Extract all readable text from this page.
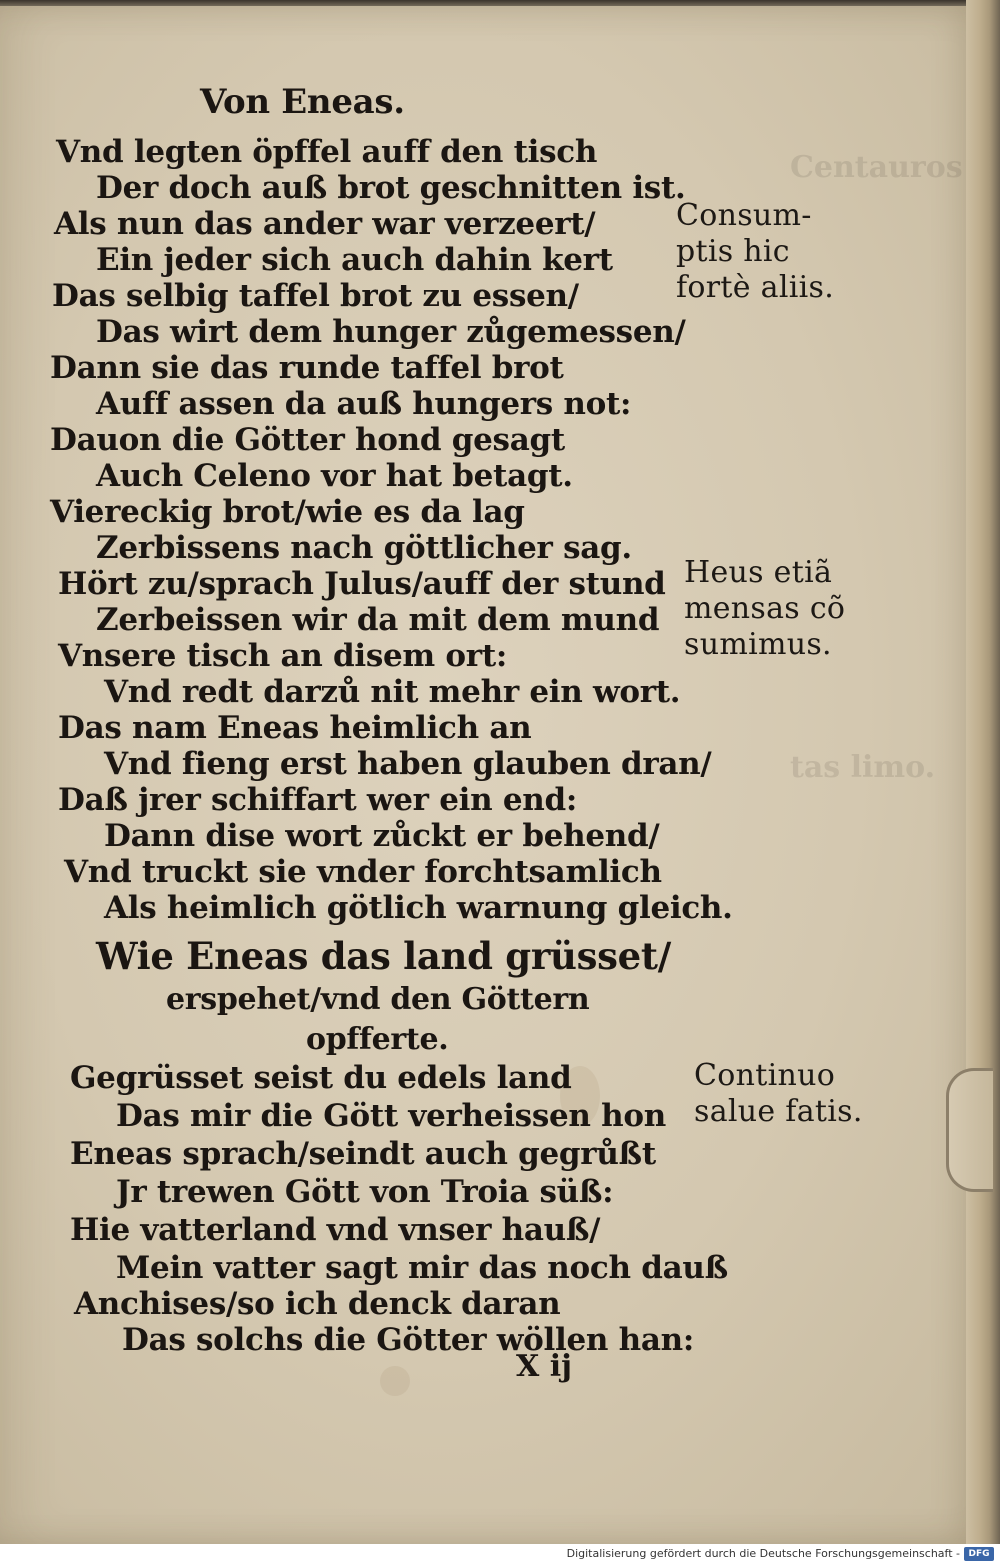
Centauros
tas limo.
Von Eneas.
Vnd legten öpffel auff den tisch
Der doch auß brot geschnitten ist.
Als nun das ander war verzeert/
Ein jeder sich auch dahin kert
Das selbig taffel brot zu essen/
Das wirt dem hunger zůgemessen/
Dann sie das runde taffel brot
Auff assen da auß hungers not:
Dauon die Götter hond gesagt
Auch Celeno vor hat betagt.
Viereckig brot/wie es da lag
Zerbissens nach göttlicher sag.
Hört zu/sprach Julus/auff der stund
Zerbeissen wir da mit dem mund
Vnsere tisch an disem ort:
Vnd redt darzů nit mehr ein wort.
Das nam Eneas heimlich an
Vnd fieng erst haben glauben dran/
Daß jrer schiffart wer ein end:
Dann dise wort zůckt er behend/
Vnd truckt sie vnder forchtsamlich
Als heimlich götlich warnung gleich.
Wie Eneas das land grüsset/
erspehet/vnd den Göttern
opfferte.
Gegrüsset seist du edels land
Das mir die Gött verheissen hon
Eneas sprach/seindt auch gegrůßt
Jr trewen Gött von Troia süß:
Hie vatterland vnd vnser hauß/
Mein vatter sagt mir das noch dauß
Anchises/so ich denck daran
Das solchs die Götter wöllen han:
X ij
Consum-
ptis hic
fortè aliis.
Heus etiã
mensas cõ
sumimus.
Continuo
salue fatis.
Digitalisierung gefördert durch die Deutsche Forschungsgemeinschaft - DFG
